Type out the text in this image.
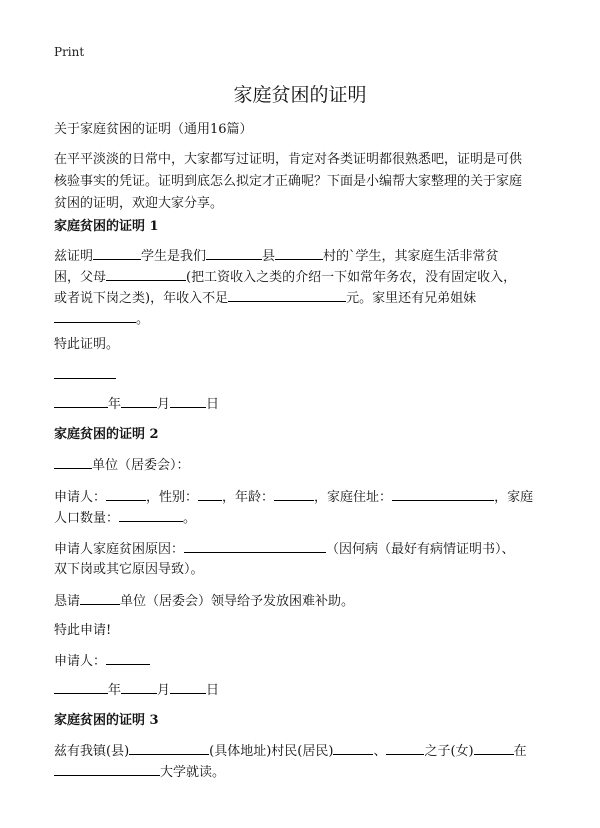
Print
家庭贫困的证明
关于家庭贫困的证明（通用16篇）
在平平淡淡的日常中，大家都写过证明，肯定对各类证明都很熟悉吧，证明是可供
核验事实的凭证。证明到底怎么拟定才正确呢？下面是小编帮大家整理的关于家庭
贫困的证明，欢迎大家分享。
家庭贫困的证明 1
兹证明	学生是我们	县	村的`学生，其家庭生活非常贫
困，父母	(把工资收入之类的介绍一下如常年务农，没有固定收入，
或者说下岗之类)，年收入不足	元。家里还有兄弟姐妹
。
特此证明。
年	月	日
家庭贫困的证明 2
单位（居委会）：
申请人：	，性别： ，年龄：	，家庭住址：	，家庭
人口数量：	。
申请人家庭贫困原因：	（因何病（最好有病情证明书）、
双下岗或其它原因导致）。
恳请	单位（居委会）领导给予发放困难补助。
特此申请!
申请人：
年	月	日
家庭贫困的证明 3
兹有我镇(县)	(具体地址)村民(居民)	、	之子(女)	在
大学就读。
